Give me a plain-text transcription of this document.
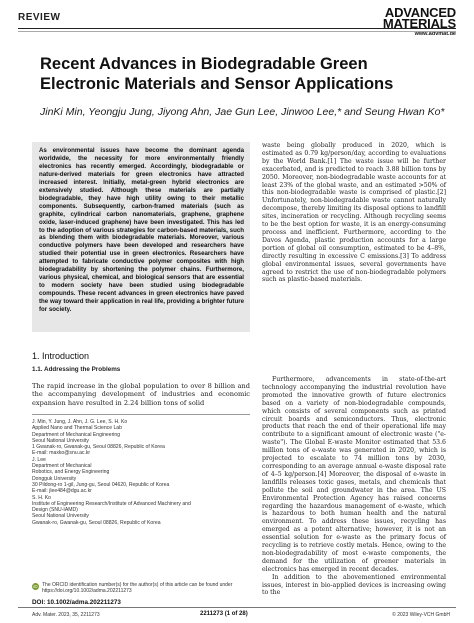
REVIEW	ADVANCED
MATERIALS
www.advmat.de
Recent Advances in Biodegradable Green Electronic Materials and Sensor Applications
JinKi Min, Yeongju Jung, Jiyong Ahn, Jae Gun Lee, Jinwoo Lee,* and Seung Hwan Ko*
As environmental issues have become the dominant agenda worldwide, the necessity for more environmentally friendly electronics has recently emerged. Accordingly, biodegradable or nature-derived materials for green electronics have attracted increased interest. Initially, metal-green hybrid electronics are extensively studied. Although these materials are partially biodegradable, they have high utility owing to their metallic components. Subsequently, carbon-framed materials (such as graphite, cylindrical carbon nanomaterials, graphene, graphene oxide, laser-induced graphene) have been investigated. This has led to the adoption of various strategies for carbon-based materials, such as blending them with biodegradable materials. Moreover, various conductive polymers have been developed and researchers have studied their potential use in green electronics. Researchers have attempted to fabricate conductive polymer composites with high biodegradability by shortening the polymer chains. Furthermore, various physical, chemical, and biological sensors that are essential to modern society have been studied using biodegradable compounds. These recent advances in green electronics have paved the way toward their application in real life, providing a brighter future for society.

waste being globally produced in 2020, which is estimated as 0.79 kg/person/day, according to evaluations by the World Bank.[1] The waste issue will be further exacerbated, and is predicted to reach 3.88 billion tons by 2050. Moreover, non-biodegradable waste accounts for at least 23% of the global waste, and an estimated >50% of this non-biodegradable waste is comprised of plastic.[2] Unfortunately, non-biodegradable waste cannot naturally decompose, thereby limiting its disposal options to landfill sites, incineration or recycling. Although recycling seems to be the best option for waste, it is an energy-consuming process and inefficient. Furthermore, according to the Davos Agenda, plastic production accounts for a large portion of global oil consumption, estimated to be 4–8%, directly resulting in excessive C emissions.[3] To address global environmental issues, several governments have agreed to restrict the use of non-biodegradable polymers such as plastic-based materials.

Furthermore, advancements in state-of-the-art technology accompanying the industrial revolution have promoted the innovative growth of future electronics based on a variety of non-biodegradable compounds, which consists of several components such as printed circuit boards and semiconductors. Thus, electronic products that reach the end of their operational life may contribute to a significant amount of electronic waste ("e-waste"). The Global E-waste Monitor estimated that 53.6 million tons of e-waste was generated in 2020, which is projected to escalate to 74 million tons by 2030, corresponding to an average annual e-waste disposal rate of 4–5 kg/person.[4] Moreover, the disposal of e-waste in landfills releases toxic gases, metals, and chemicals that pollute the soil and groundwater in the area. The US Environmental Protection Agency has raised concerns regarding the hazardous management of e-waste, which is hazardous to both human health and the natural environment. To address these issues, recycling has emerged as a potent alternative; however, it is not an essential solution for e-waste as the primary focus of recycling is to retrieve costly metals. Hence, owing to the non-biodegradability of most e-waste components, the demand for the utilization of greener materials in electronics has emerged in recent decades.

In addition to the abovementioned environmental issues, interest in bio-applied devices is increasing owing to the

1. Introduction
1.1. Addressing the Problems
The rapid increase in the global population to over 8 billion and the accompanying development of industries and economic expansion have resulted in 2.24 billion tons of solid
J. Min, Y. Jung, J. Ahn, J. G. Lee, S. H. Ko
Applied Nano and Thermal Science Lab
Department of Mechanical Engineering
Seoul National University
1 Gwanak-ro, Gwanak-gu, Seoul 08826, Republic of Korea
E-mail: maxko@snu.ac.kr
J. Lee
Department of Mechanical
Robotics, and Energy Engineering
Dongguk University
30 Pildong-ro 1-gil, Jung-gu, Seoul 04620, Republic of Korea
E-mail: jlee484@dgu.ac.kr
S. H. Ko
Institute of Engineering Research/Institute of Advanced Machinery and
Design (SNU-IAMD)
Seoul National University
Gwanak-ro, Gwanak-gu, Seoul 08826, Republic of Korea
iD The ORCID identification number(s) for the author(s) of this article can be found under https://doi.org/10.1002/adma.202211273
DOI: 10.1002/adma.202211273
Adv. Mater. 2023, 35, 2211273	2211273 (1 of 28)	© 2023 Wiley-VCH GmbH
